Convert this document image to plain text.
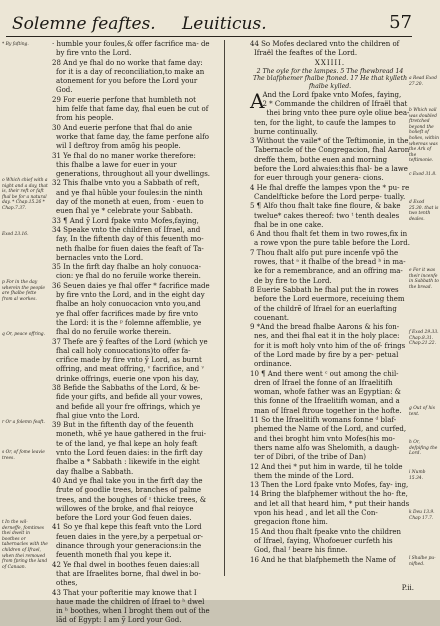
Solemne feaftes. Leuiticus.	57
* By fafting.
o Which chief with a night and a day, that is, their reft or faft fhal be for a natural day. * Chap.15.26 * Chap.7.37.
Exod 23.16.
p For in the day wherein the people are fhalbe fette from al workes.
q Or, peace offring.
r Or a folemn feaft.
s Or, of fome leavie trees.
t In the wil- derneffe, fomtimes thei dwelt in boothes or tabernacles with the children of Ifrael, when thei remoued from fpring the land of Canaan.

· humble your foules,& offer facrifice ma- de by fire vnto the Lord.

28 And ye fhal do no worke that fame day: for it is a day of reconciliation,to make an atonement for you before the Lord your God.

29 For euerie perfone that humbleth not him felfe that fame day, fhal euen be cut of from his people.

30 And euerie perfone that fhal do anie worke that fame day, the fame perfone alfo wil I deftroy from amõg his people.

31 Ye fhal do no maner worke therefore: this fhalbe a lawe for euer in your generations, throughout all your dwellings.

32 This fhalbe vnto you a Sabbath of reft, and ye fhal hũble your foules:in the ninth day of the moneth at euen, from · euen to euen fhal ye * celebrate your Sabbath.

33 ¶ And ỹ Lord fpake vnto Mofes,faying,

34 Speake vnto the children of Ifrael, and fay, In the fiftenth day of this feuenth mo- neth fhalbe for fiuen daies the feaft of Ta- bernacles vnto the Lord.

35 In the firft day fhalbe an holy conuoca- cion: ye fhal do no feruile worke therein.

36 Seuen daies ye fhal offer * facrifice made by fire vnto the Lord, and in the eight day fhalbe an holy conuocacion vnto you,and ye fhal offer facrifices made by fire vnto the Lord: it is the ᵖ folemne affemblie, ye fhal do no feruile worke therein.

37 Thefe are ỹ feaftes of the Lord (which ye fhal call holy conuocations)to offer fa- crifice made by fire vnto ỹ Lord, as burnt offring, and meat offring, ᵛ facrifice, and ᵛ drinke offrings, euerie one vpon his day,

38 Befide the Sabbaths of the Lord, & be- fide your gifts, and befide all your vowes, and befide all your fre offrings, which ye fhal giue vnto the Lord.

39 But in the fiftenth day of the feuenth moneth, whẽ ye haue gathered in the frui- te of the land, ye fhal kepe an holy feaft vnto the Lord feuen daies: in the firft day fhalbe a * Sabbath : likewife in the eight day fhalbe a Sabbath.

40 And ye fhal take you in the firft day the frute of goodlie trees, branches of palme trees, and the boughes of ᶻ thicke trees, & willowes of the broke, and fhal reioyce before the Lord your God feuen daies.

41 So ye fhal kepe this feaft vnto the Lord feuen daies in the yere,by a perpetual or- dinance through your generacions:in the feuenth moneth fhal you kepe it.

42 Ye fhal dwel in boothes feuen daies:all that are Ifraelites borne, fhal dwel in bo- othes,

43 That your pofteritie may knowe that I haue made the children of Ifrael to ʰ dwel in ʰ boothes, when I broght them out of the lãd of Egypt: I am ỹ Lord your God.

44 So Mofes declared vnto the children of Ifraël the feaftes of the Lord.

XXIIII.

2 The oyle for the lampes. 5 The fhewbread 14 The blafphemer fhalbe ftoned. 17 He that kylleth fhalbe kylled.

A
And the Lord fpake vnto Mofes, faying,

2 * Commande the children of Ifraël that thei bring vnto thee pure oyle oliue bea- ten, for the light, to caufe the lampes to burne continually.

3 Without the vaile* of the Teftimonie, in the Tabernacle of the Congregacion, fhal Aaron dreffe them, bothe euen and morning before the Lord alwaies:this fhal- be a lawe for euer through your genera- cions.

4 He fhal dreffe the lampes vpon the * pu- re Candelfticke before the Lord perpe- tually.

5 ¶ Alfo thou fhalt take fine floure, & bake twelue* cakes thereof: two ᵗ tenth deales fhal be in one cake.

6 And thou fhalt fet them in two rowes,fix in a rowe vpon the pure table before the Lord.

7 Thou fhalt alfo put pure incenfe vpõ the rowes, that ᵃ it fhalbe of the bread ᵇ in ma- ke for a remembrance, and an offring ma- de by fire to the Lord.

8 Euerie Sabbath he fhal put the in rowes before the Lord euermore, receiuing them of the childrẽ of Ifrael for an euerlafting couenant.

9 *And the bread fhalbe Aarons & his fon- nes, and thei fhal eat it in the holy place: for it is moft holy vnto him of the of- frings of the Lord made by fire by a per- petual ordinance.

10 ¶ And there went ᶜ out among the chil- dren of Ifrael the fonne of an Ifraelitifh woman, whofe father was an Egyptian: & this fonne of the Ifraelitifh woman, and a man of Ifrael ftroue together in the hofte.

11 So the Ifraelitifh womans fonne ᵈ blaf- phemed the Name of the Lord, and curfed, and thei broght him vnto Mofes(his mo- thers name alfo was Shelomith, a daugh- ter of Dibri, of the tribe of Dan)

12 And thei * put him in warde, til he tolde them the minde of the Lord.

13 Then the Lord fpake vnto Mofes, fay- ing,

14 Bring the blafphemer without the ho- fte, and let all that heard him, * put their hands vpon his head , and let all the Con- gregacion ftone him.

15 And thou fhalt fpeake vnto the children of Ifrael, faying, Whofoeuer curfeth his God, fhal ᶠ beare his finne.

16 And he that blafphemeth the Name of

a Read Exod 27.20.
b Which vail was doubled ftretched beyond the holieft of holies, within whereas was the Ark of the teftimonie.
c Exod 31.8.
d Exod 25.30. that is two tenth deales.
e For it was their incenfe in Sabbath to the bread.
f Exod 29.33. Chap.8.31. Chap.21.22.
g Out of his tent.
h Or, defpifing the Lord.
i Numb 15.34.
k Deu 13.9. Chap 17.7.
l Shalbe pu- nifhed.
P.ii.
